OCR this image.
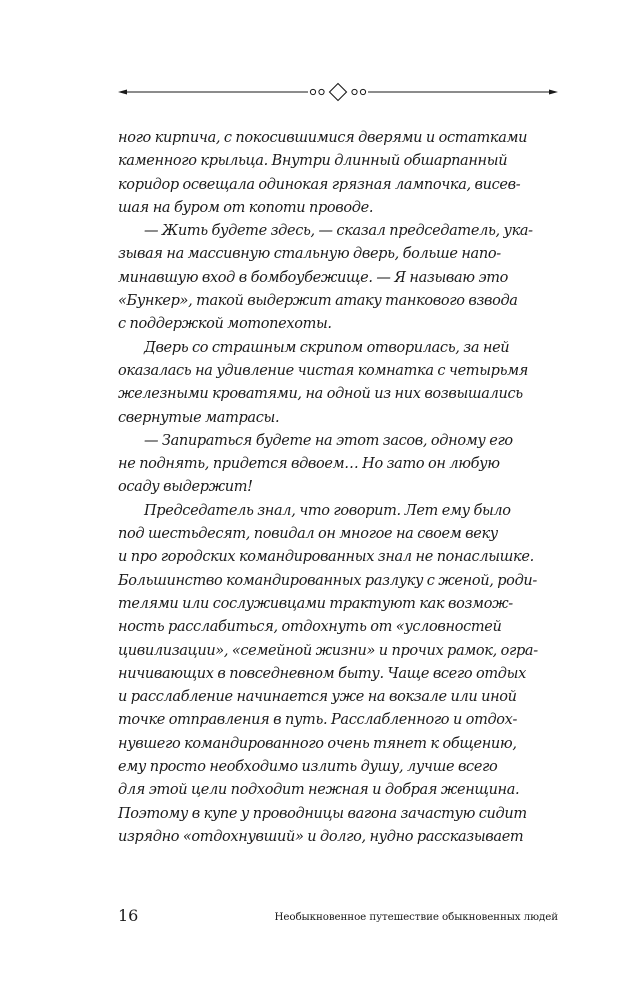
ного кирпича, с покосившимися дверями и остатками
каменного крыльца. Внутри длинный обшарпанный
коридор освещала одинокая грязная лампочка, висев-
шая на буром от копоти проводе.

— Жить будете здесь, — сказал председатель, ука-
зывая на массивную стальную дверь, больше напо-
минавшую вход в бомбоубежище. — Я называю это
«Бункер», такой выдержит атаку танкового взвода
с поддержкой мотопехоты.

Дверь со страшным скрипом отворилась, за ней
оказалась на удивление чистая комнатка с четырьмя
железными кроватями, на одной из них возвышались
свернутые матрасы.

— Запираться будете на этот засов, одному его
не поднять, придется вдвоем… Но зато он любую
осаду выдержит!

Председатель знал, что говорит. Лет ему было
под шестьдесят, повидал он многое на своем веку
и про городских командированных знал не понаслышке.
Большинство командированных разлуку с женой, роди-
телями или сослуживцами трактуют как возмож-
ность расслабиться, отдохнуть от «условностей
цивилизации», «семейной жизни» и прочих рамок, огра-
ничивающих в повседневном быту. Чаще всего отдых
и расслабление начинается уже на вокзале или иной
точке отправления в путь. Расслабленного и отдох-
нувшего командированного очень тянет к общению,
ему просто необходимо излить душу, лучше всего
для этой цели подходит нежная и добрая женщина.
Поэтому в купе у проводницы вагона зачастую сидит
изрядно «отдохнувший» и долго, нудно рассказывает

16	Необыкновенное путешествие обыкновенных людей
